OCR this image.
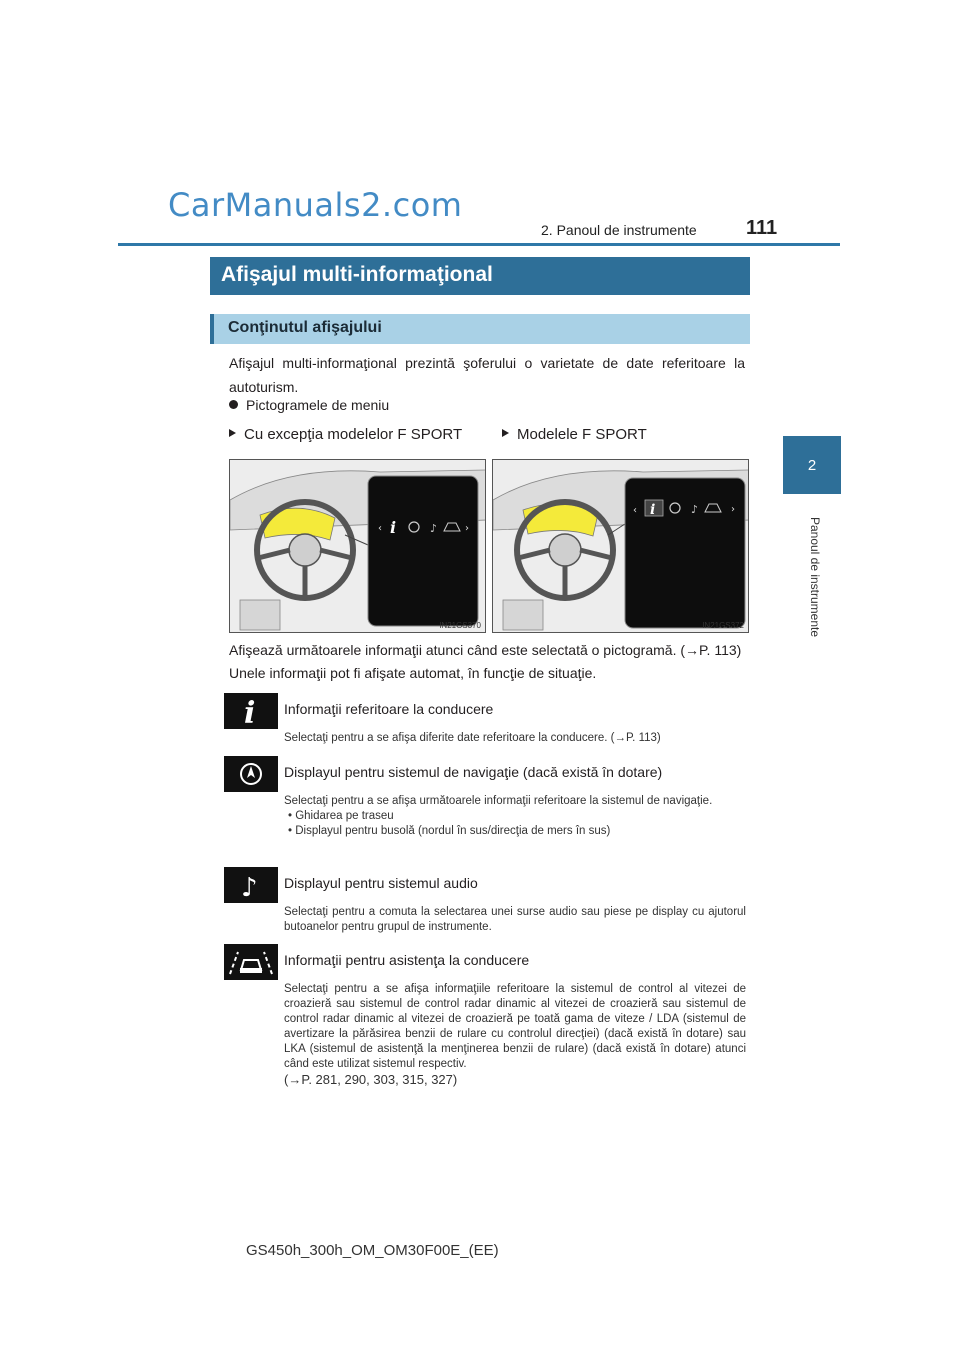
CarManuals2.com
2. Panoul de instrumente 111
2
Panoul de instrumente
Afişajul multi-informaţional
Conţinutul afişajului
Afişajul multi-informaţional prezintă şoferului o varietate de date referitoare la autoturism.
Pictogramele de meniu
Cu excepţia modelelor F SPORT	Modelele F SPORT
‹ i	♪	›
IN21GS370
‹ i	♪	›
IN21GS372
Afişează următoarele informaţii atunci când este selectată o pictogramă. (→P. 113)
Unele informaţii pot fi afişate automat, în funcţie de situaţie.
i Informaţii referitoare la conducere
Selectaţi pentru a se afişa diferite date referitoare la conducere. (→P. 113)
Displayul pentru sistemul de navigaţie (dacă există în dotare)
Selectaţi pentru a se afişa următoarele informaţii referitoare la sistemul de navigaţie.
• Ghidarea pe traseu
• Displayul pentru busolă (nordul în sus/direcţia de mers în sus)
♪ Displayul pentru sistemul audio
Selectaţi pentru a comuta la selectarea unei surse audio sau piese pe display cu ajutorul butoanelor pentru grupul de instrumente.
Informaţii pentru asistenţa la conducere
Selectaţi pentru a se afişa informaţiile referitoare la sistemul de control al vitezei de croazieră sau sistemul de control radar dinamic al vitezei de croazieră sau sistemul de control radar dinamic al vitezei de croazieră pe toată gama de viteze / LDA (sistemul de avertizare la părăsirea benzii de rulare cu controlul direcţiei) (dacă există în dotare) sau LKA (sistemul de asistenţă la menţinerea benzii de rulare) (dacă există în dotare) atunci când este utilizat sistemul respectiv.
(→P. 281, 290, 303, 315, 327)
GS450h_300h_OM_OM30F00E_(EE)
